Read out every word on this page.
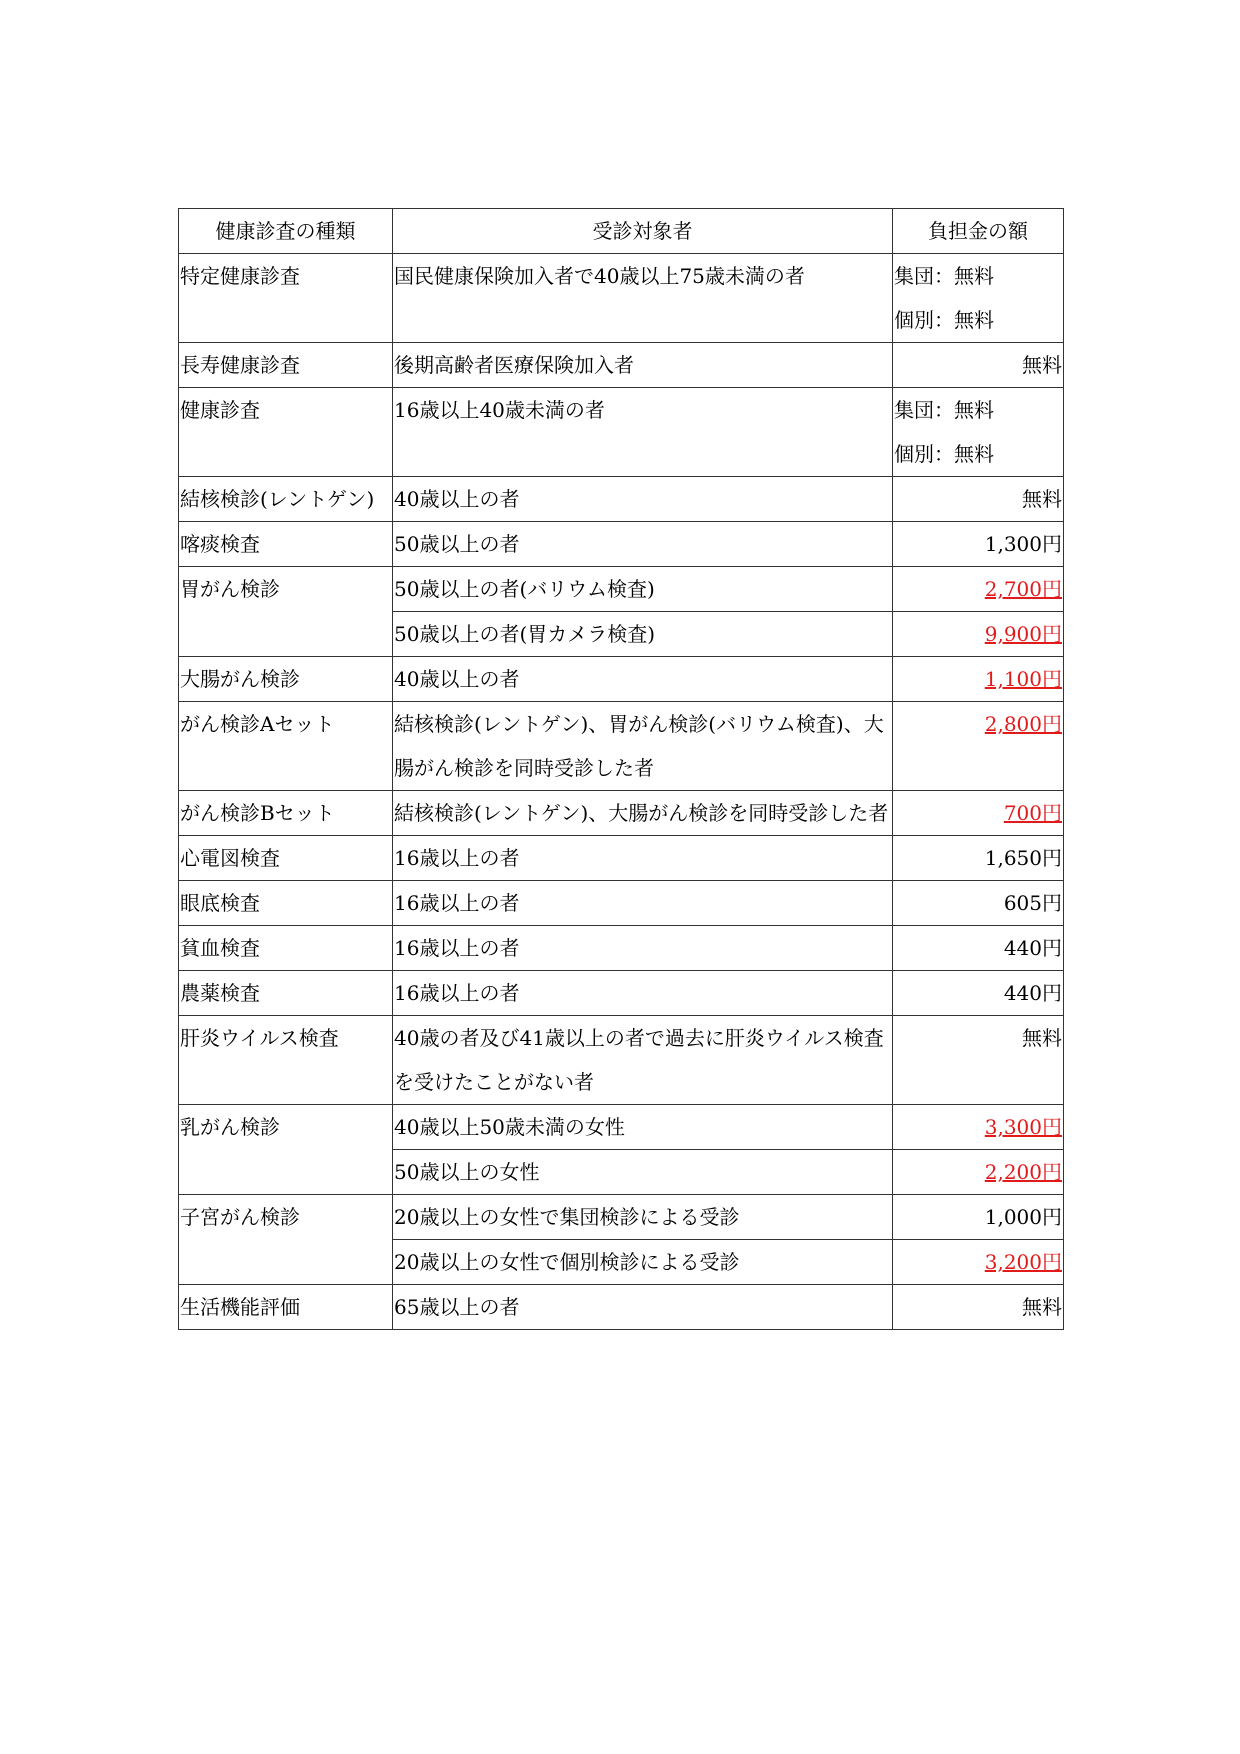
健康診査の種類	受診対象者	負担金の額
特定健康診査	国民健康保険加入者で40歳以上75歳未満の者	集団：無料
個別：無料

長寿健康診査	後期高齢者医療保険加入者	無料
健康診査	16歳以上40歳未満の者	集団：無料
個別：無料

結核検診(レントゲン)	40歳以上の者	無料
喀痰検査	50歳以上の者	1,300円
胃がん検診	50歳以上の者(バリウム検査)	2,700円
	50歳以上の者(胃カメラ検査)	9,900円
大腸がん検診	40歳以上の者	1,100円
がん検診Aセット	結核検診(レントゲン)、胃がん検診(バリウム検査)、大腸がん検診を同時受診した者	2,800円
がん検診Bセット	結核検診(レントゲン)、大腸がん検診を同時受診した者	700円
心電図検査	16歳以上の者	1,650円
眼底検査	16歳以上の者	605円
貧血検査	16歳以上の者	440円
農薬検査	16歳以上の者	440円
肝炎ウイルス検査	40歳の者及び41歳以上の者で過去に肝炎ウイルス検査を受けたことがない者	無料
乳がん検診	40歳以上50歳未満の女性	3,300円
	50歳以上の女性	2,200円
子宮がん検診	20歳以上の女性で集団検診による受診	1,000円
	20歳以上の女性で個別検診による受診	3,200円
生活機能評価	65歳以上の者	無料
